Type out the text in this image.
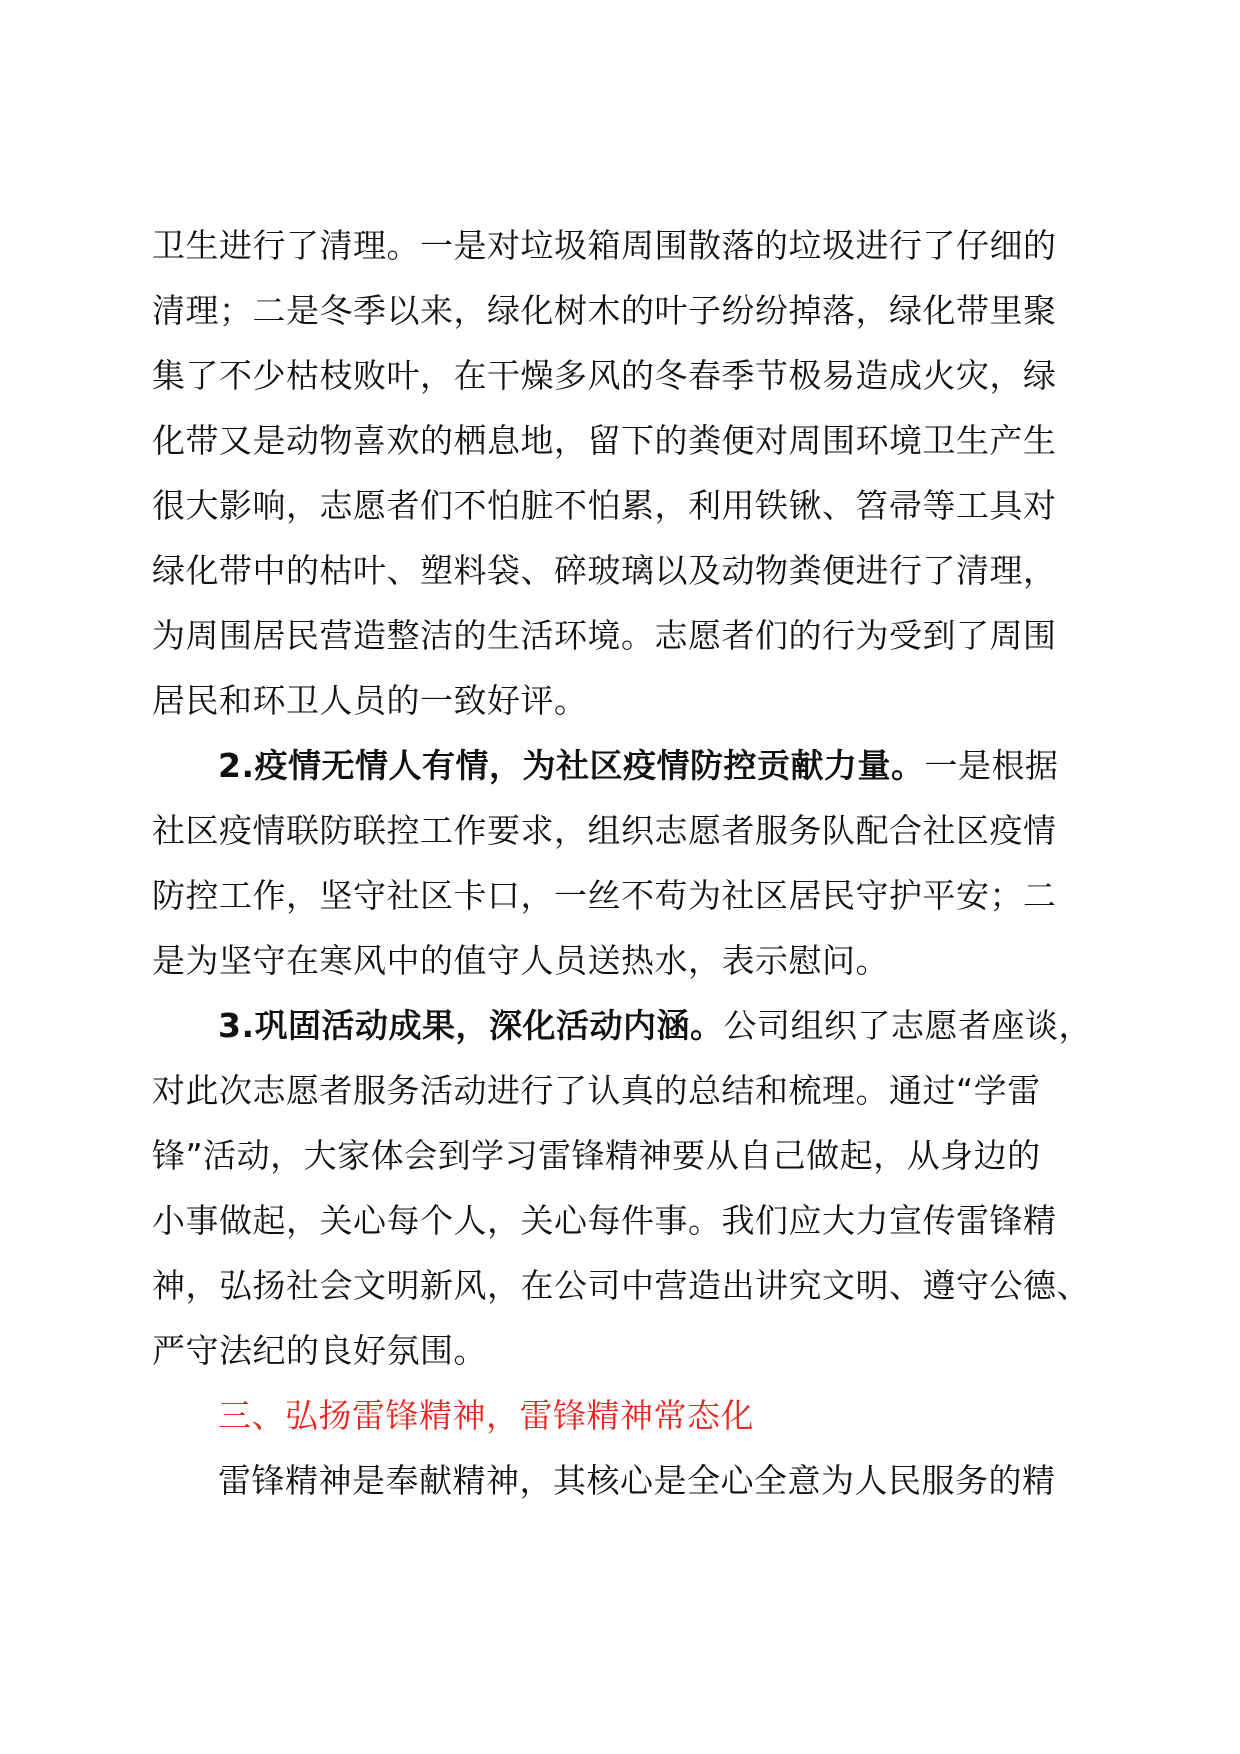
卫生进行了清理。一是对垃圾箱周围散落的垃圾进行了仔细的
清理；二是冬季以来，绿化树木的叶子纷纷掉落，绿化带里聚
集了不少枯枝败叶，在干燥多风的冬春季节极易造成火灾，绿
化带又是动物喜欢的栖息地，留下的粪便对周围环境卫生产生
很大影响，志愿者们不怕脏不怕累，利用铁锹、笤帚等工具对
绿化带中的枯叶、塑料袋、碎玻璃以及动物粪便进行了清理，
为周围居民营造整洁的生活环境。志愿者们的行为受到了周围
居民和环卫人员的一致好评。
2.疫情无情人有情，为社区疫情防控贡献力量。一是根据
社区疫情联防联控工作要求，组织志愿者服务队配合社区疫情
防控工作，坚守社区卡口，一丝不苟为社区居民守护平安；二
是为坚守在寒风中的值守人员送热水，表示慰问。
3.巩固活动成果，深化活动内涵。公司组织了志愿者座谈，
对此次志愿者服务活动进行了认真的总结和梳理。通过“学雷
锋”活动，大家体会到学习雷锋精神要从自己做起，从身边的
小事做起，关心每个人，关心每件事。我们应大力宣传雷锋精
神，弘扬社会文明新风，在公司中营造出讲究文明、遵守公德、
严守法纪的良好氛围。
三、弘扬雷锋精神，雷锋精神常态化
雷锋精神是奉献精神，其核心是全心全意为人民服务的精
